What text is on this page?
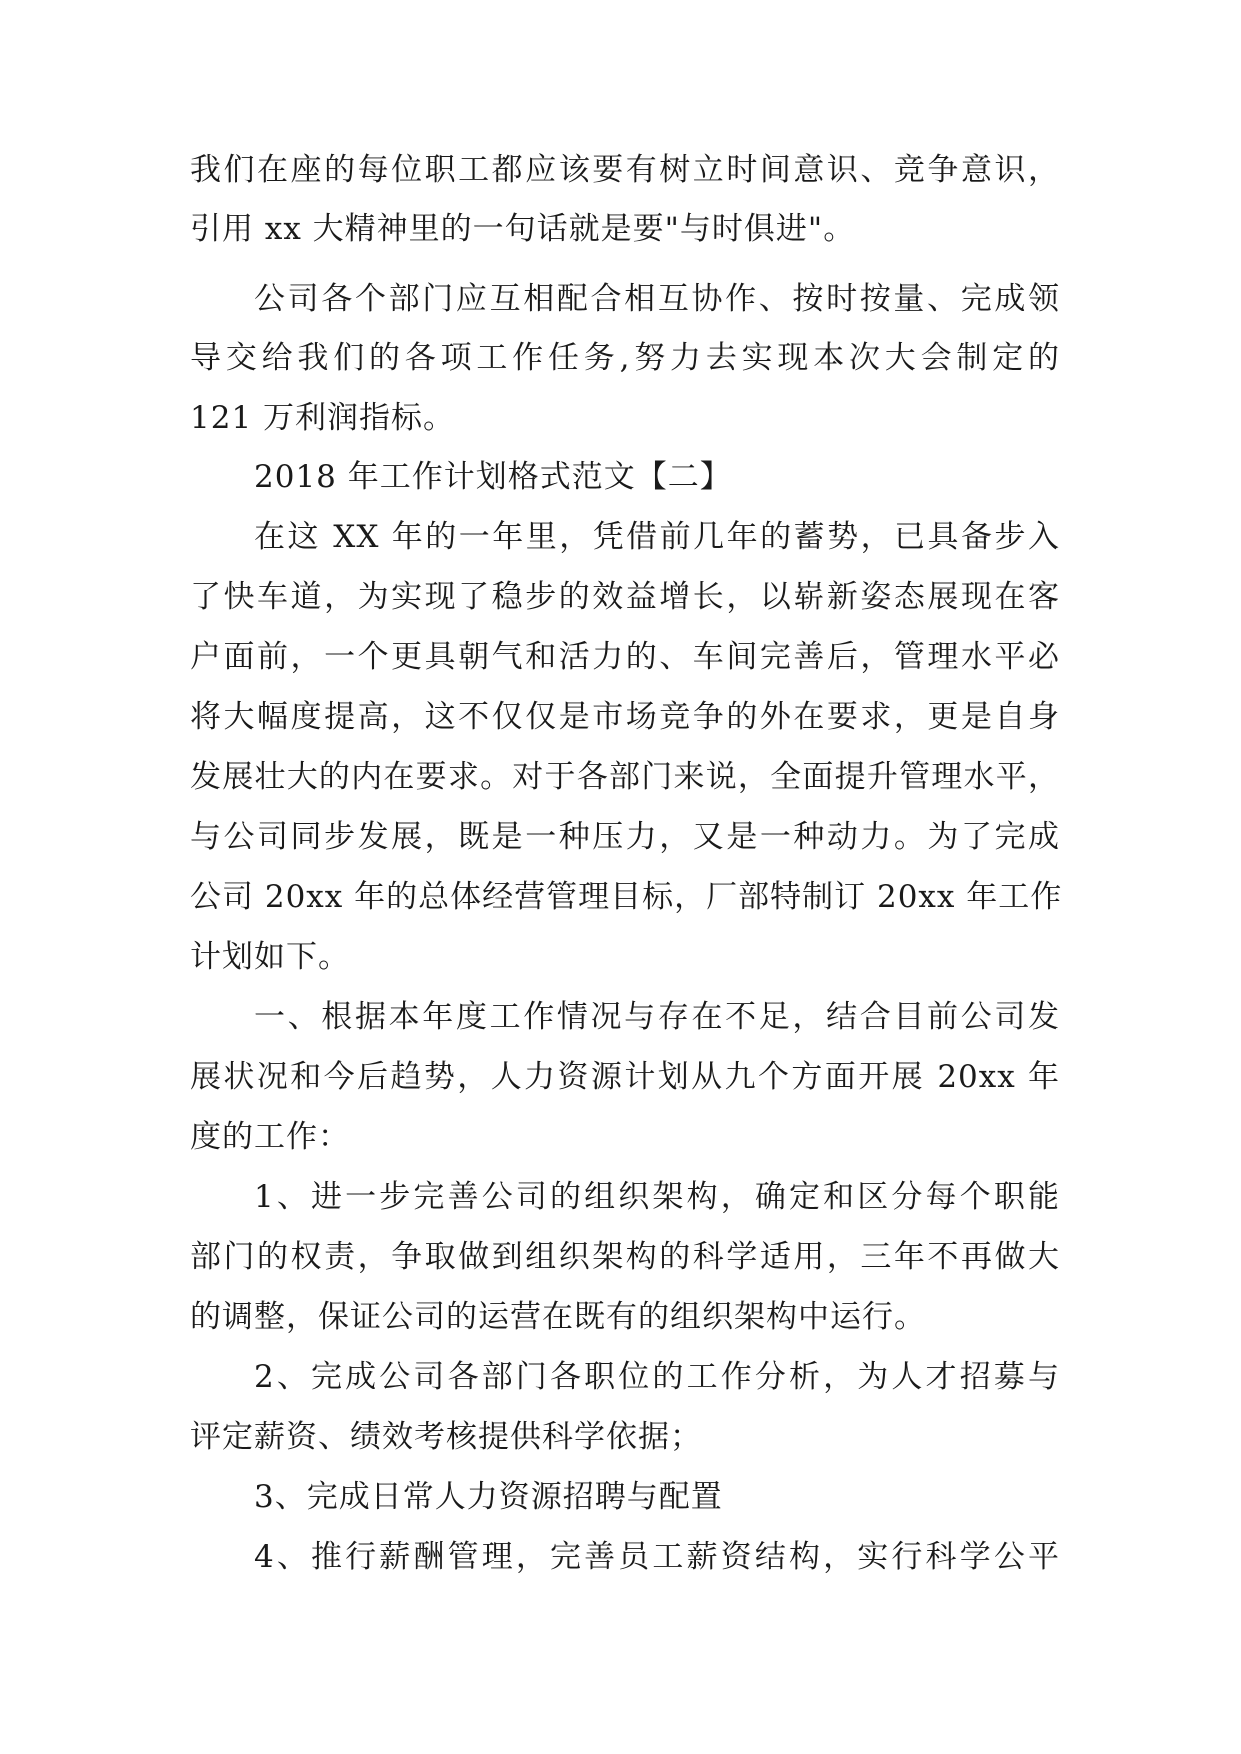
我们在座的每位职工都应该要有树立时间意识、竞争意识，
引用 xx 大精神里的一句话就是要"与时俱进"。
公司各个部门应互相配合相互协作、按时按量、完成领
导交给我们的各项工作任务,努力去实现本次大会制定的
121 万利润指标。
2018 年工作计划格式范文【二】
在这 XX 年的一年里，凭借前几年的蓄势，已具备步入
了快车道，为实现了稳步的效益增长，以崭新姿态展现在客
户面前，一个更具朝气和活力的、车间完善后，管理水平必
将大幅度提高，这不仅仅是市场竞争的外在要求，更是自身
发展壮大的内在要求。对于各部门来说，全面提升管理水平，
与公司同步发展，既是一种压力，又是一种动力。为了完成
公司 20xx 年的总体经营管理目标，厂部特制订 20xx 年工作
计划如下。
一、根据本年度工作情况与存在不足，结合目前公司发
展状况和今后趋势，人力资源计划从九个方面开展 20xx 年
度的工作：
1、进一步完善公司的组织架构，确定和区分每个职能
部门的权责，争取做到组织架构的科学适用，三年不再做大
的调整，保证公司的运营在既有的组织架构中运行。
2、完成公司各部门各职位的工作分析，为人才招募与
评定薪资、绩效考核提供科学依据；
3、完成日常人力资源招聘与配置
4、推行薪酬管理，完善员工薪资结构，实行科学公平
